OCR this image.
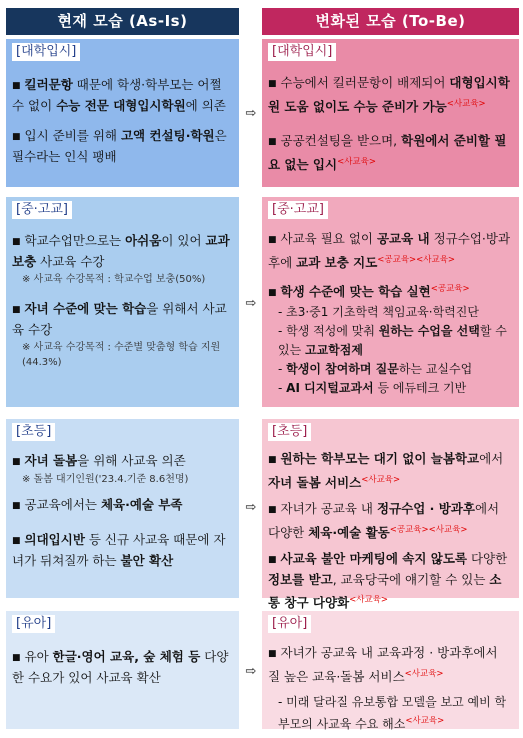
현재 모습 (As-Is)	변화된 모습 (To-Be)
[대학입시]
■ 킬러문항 때문에 학생·학부모는 어쩔 수 없이 수능 전문 대형입시학원에 의존
■ 입시 준비를 위해 고액 컨설팅·학원은 필수라는 인식 팽배
⇨
[대학입시]
■ 수능에서 킬러문항이 배제되어 대형입시학원 도움 없이도 수능 준비가 가능$^{<사교육>}$
■ 공공컨설팅을 받으며, 학원에서 준비할 필요 없는 입시$^{<사교육>}$
[중·고교]
■ 학교수업만으로는 아쉬움이 있어 교과보충 사교육 수강
※ 사교육 수강목적 : 학교수업 보충(50%)
■ 자녀 수준에 맞는 학습을 위해서 사교육 수강
※ 사교육 수강목적 : 수준별 맞춤형 학습 지원(44.3%)
⇨
[중·고교]
■ 사교육 필요 없이 공교육 내 정규수업·방과후에 교과 보충 지도$^{<공교육><사교육>}$
■ 학생 수준에 맞는 학습 실현$^{<공교육>}$
- 초3·중1 기초학력 책임교육·학력진단
- 학생 적성에 맞춰 원하는 수업을 선택할 수 있는 고교학점제
- 학생이 참여하며 질문하는 교실수업
- AI 디지털교과서 등 에듀테크 기반
[초등]
■ 자녀 돌봄을 위해 사교육 의존
※ 돌봄 대기인원('23.4.기준 8.6천명)
■ 공교육에서는 체육·예술 부족
■ 의대입시반 등 신규 사교육 때문에 자녀가 뒤쳐질까 하는 불안 확산
⇨
[초등]
■ 원하는 학부모는 대기 없이 늘봄학교에서 자녀 돌봄 서비스$^{<사교육>}$
■ 자녀가 공교육 내 정규수업 · 방과후에서 다양한 체육·예술 활동$^{<공교육><사교육>}$
■ 사교육 불안 마케팅에 속지 않도록 다양한 정보를 받고, 교육당국에 얘기할 수 있는 소통 창구 다양화$^{<사교육>}$
[유아]
■ 유아 한글·영어 교육, 숲 체험 등 다양한 수요가 있어 사교육 확산	⇨
[유아]
■ 자녀가 공교육 내 교육과정 · 방과후에서 질 높은 교육·돌봄 서비스$^{<사교육>}$
- 미래 달라질 유보통합 모델을 보고 예비 학부모의 사교육 수요 해소$^{<사교육>}$
